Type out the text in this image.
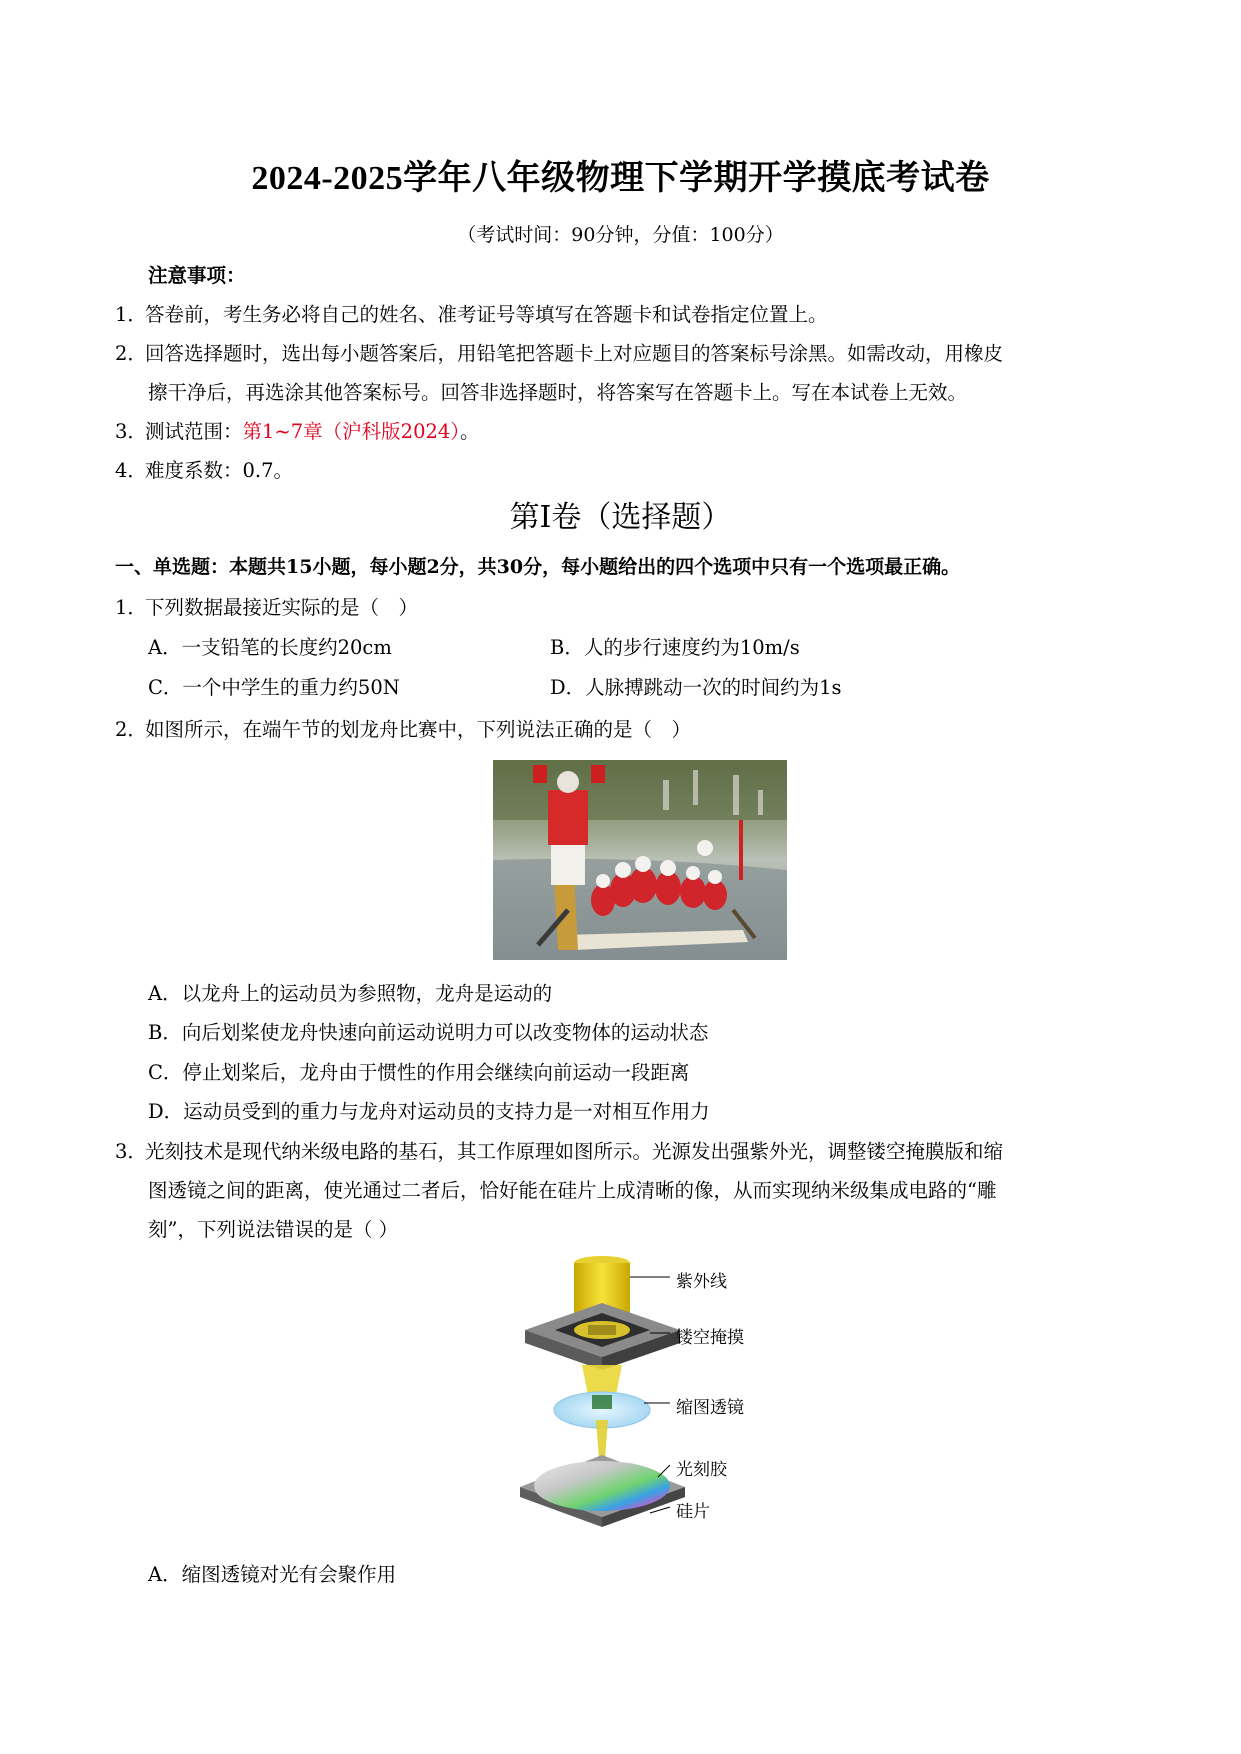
2024-2025学年八年级物理下学期开学摸底考试卷
（考试时间：90分钟，分值：100分）
注意事项：
1．答卷前，考生务必将自己的姓名、准考证号等填写在答题卡和试卷指定位置上。
2．回答选择题时，选出每小题答案后，用铅笔把答题卡上对应题目的答案标号涂黑。如需改动，用橡皮
擦干净后，再选涂其他答案标号。回答非选择题时，将答案写在答题卡上。写在本试卷上无效。
3．测试范围：第1~7章（沪科版2024）。
4．难度系数：0.7。
第Ⅰ卷（选择题）
一、单选题：本题共15小题，每小题2分，共30分，每小题给出的四个选项中只有一个选项最正确。
1．下列数据最接近实际的是（　）
A．一支铅笔的长度约20cm	B．人的步行速度约为10m/s
C．一个中学生的重力约50N	D．人脉搏跳动一次的时间约为1s
2．如图所示，在端午节的划龙舟比赛中，下列说法正确的是（　）
A．以龙舟上的运动员为参照物，龙舟是运动的
B．向后划桨使龙舟快速向前运动说明力可以改变物体的运动状态
C．停止划桨后，龙舟由于惯性的作用会继续向前运动一段距离
D．运动员受到的重力与龙舟对运动员的支持力是一对相互作用力
3．光刻技术是现代纳米级电路的基石，其工作原理如图所示。光源发出强紫外光，调整镂空掩膜版和缩
图透镜之间的距离，使光通过二者后，恰好能在硅片上成清晰的像，从而实现纳米级集成电路的“雕
刻”，下列说法错误的是（ ）
紫外线
镂空掩摸
缩图透镜
光刻胶
硅片
A．缩图透镜对光有会聚作用
